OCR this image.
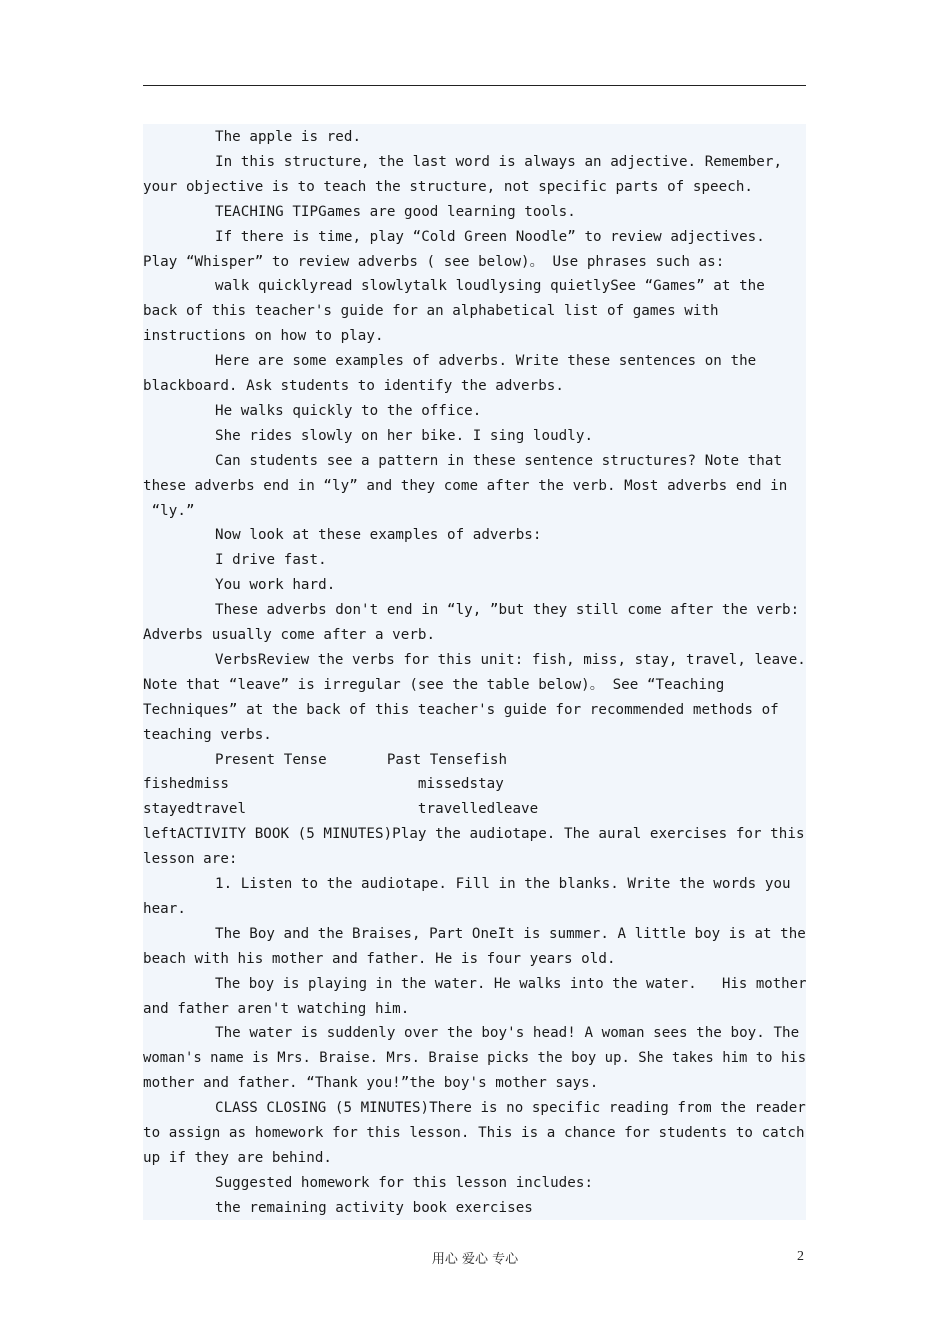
The apple is red.
In this structure, the last word is always an adjective. Remember,
your objective is to teach the structure, not specific parts of speech.
TEACHING TIPGames are good learning tools.
If there is time, play “Cold Green Noodle” to review adjectives.
Play “Whisper” to review adverbs ( see below)。 Use phrases such as:
walk quicklyread slowlytalk loudlysing quietlySee “Games” at the
back of this teacher's guide for an alphabetical list of games with
instructions on how to play.
Here are some examples of adverbs. Write these sentences on the
blackboard. Ask students to identify the adverbs.
He walks quickly to the office.
She rides slowly on her bike. I sing loudly.
Can students see a pattern in these sentence structures? Note that
these adverbs end in “ly” and they come after the verb. Most adverbs end in
“ly.”
Now look at these examples of adverbs:
I drive fast.
You work hard.
These adverbs don't end in “ly, ”but they still come after the verb:
Adverbs usually come after a verb.
VerbsReview the verbs for this unit: fish, miss, stay, travel, leave.
Note that “leave” is irregular (see the table below)。 See “Teaching
Techniques” at the back of this teacher's guide for recommended methods of
teaching verbs.
Present Tense       Past Tensefish
fishedmiss                      missedstay
stayedtravel                    travelledleave
leftACTIVITY BOOK (5 MINUTES)Play the audiotape. The aural exercises for this
lesson are:
1. Listen to the audiotape. Fill in the blanks. Write the words you
hear.
The Boy and the Braises, Part OneIt is summer. A little boy is at the
beach with his mother and father. He is four years old.
The boy is playing in the water. He walks into the water.   His mother
and father aren't watching him.
The water is suddenly over the boy's head! A woman sees the boy. The
woman's name is Mrs. Braise. Mrs. Braise picks the boy up. She takes him to his
mother and father. “Thank you!”the boy's mother says.
CLASS CLOSING (5 MINUTES)There is no specific reading from the reader
to assign as homework for this lesson. This is a chance for students to catch
up if they are behind.
Suggested homework for this lesson includes:
the remaining activity book exercises
用心 爱心 专心	2
